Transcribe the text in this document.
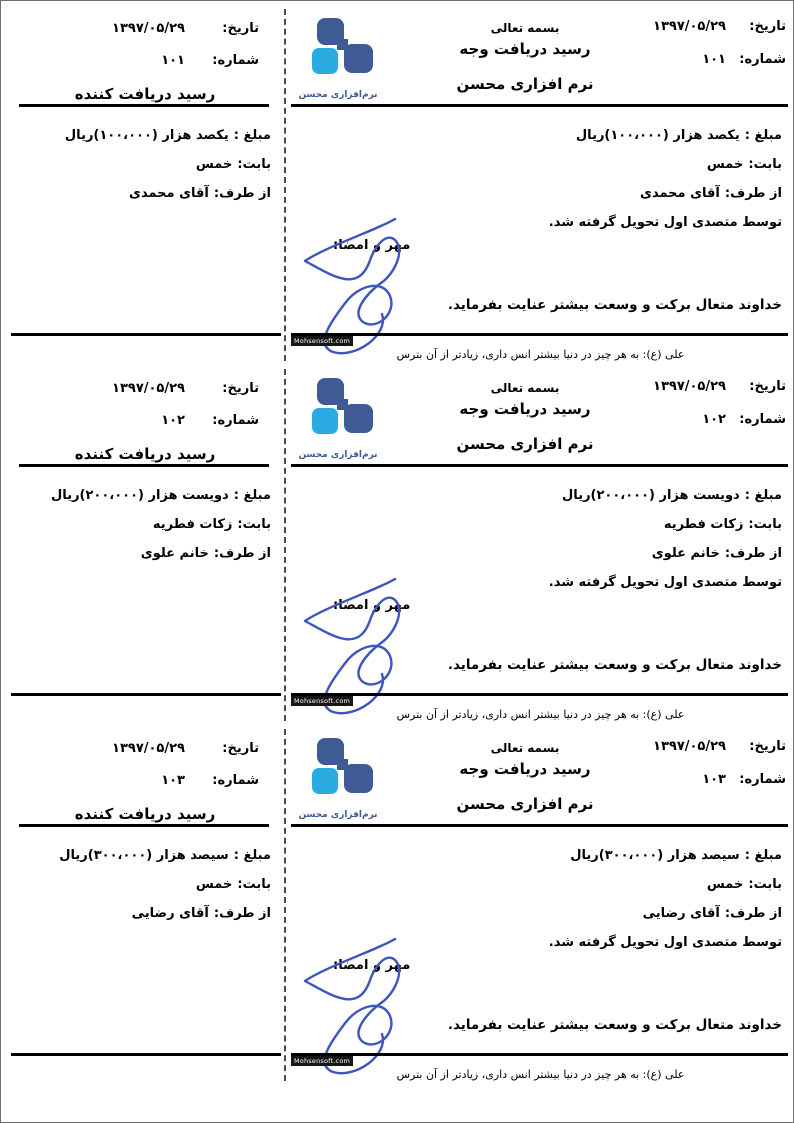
تاریخ:
۱۳۹۷/۰۵/۲۹
شماره:
۱۰۱
رسید دریافت کننده
مبلغ :یکصد هزار (۱۰۰،۰۰۰)ریال
بابت:خمس
از طرف:آقای محمدی
تاریخ:
۱۳۹۷/۰۵/۲۹
شماره:
۱۰۱
بسمه تعالی
رسید دریافت وجه
نرم افزاری محسن
نرم‌افزاری محسن
مبلغ :یکصد هزار (۱۰۰،۰۰۰)ریال
بابت:خمس
از طرف:آقای محمدی
توسط متصدی اول تحویل گرفته شد.
مهر و امضا:
خداوند متعال برکت و وسعت بیشتر عنایت بفرماید.
Mohsensoft.com
علی (ع): به هر چیز در دنیا بیشتر انس داری، زیادتر از آن بترس
تاریخ:
۱۳۹۷/۰۵/۲۹
شماره:
۱۰۲
رسید دریافت کننده
مبلغ :دویست هزار (۲۰۰،۰۰۰)ریال
بابت:زکات فطریه
از طرف:خانم علوی
تاریخ:
۱۳۹۷/۰۵/۲۹
شماره:
۱۰۲
بسمه تعالی
رسید دریافت وجه
نرم افزاری محسن
نرم‌افزاری محسن
مبلغ :دویست هزار (۲۰۰،۰۰۰)ریال
بابت:زکات فطریه
از طرف:خانم علوی
توسط متصدی اول تحویل گرفته شد.
مهر و امضا:
خداوند متعال برکت و وسعت بیشتر عنایت بفرماید.
Mohsensoft.com
علی (ع): به هر چیز در دنیا بیشتر انس داری، زیادتر از آن بترس
تاریخ:
۱۳۹۷/۰۵/۲۹
شماره:
۱۰۳
رسید دریافت کننده
مبلغ :سیصد هزار (۳۰۰،۰۰۰)ریال
بابت:خمس
از طرف:آقای رضایی
تاریخ:
۱۳۹۷/۰۵/۲۹
شماره:
۱۰۳
بسمه تعالی
رسید دریافت وجه
نرم افزاری محسن
نرم‌افزاری محسن
مبلغ :سیصد هزار (۳۰۰،۰۰۰)ریال
بابت:خمس
از طرف:آقای رضایی
توسط متصدی اول تحویل گرفته شد.
مهر و امضا:
خداوند متعال برکت و وسعت بیشتر عنایت بفرماید.
Mohsensoft.com
علی (ع): به هر چیز در دنیا بیشتر انس داری، زیادتر از آن بترس
